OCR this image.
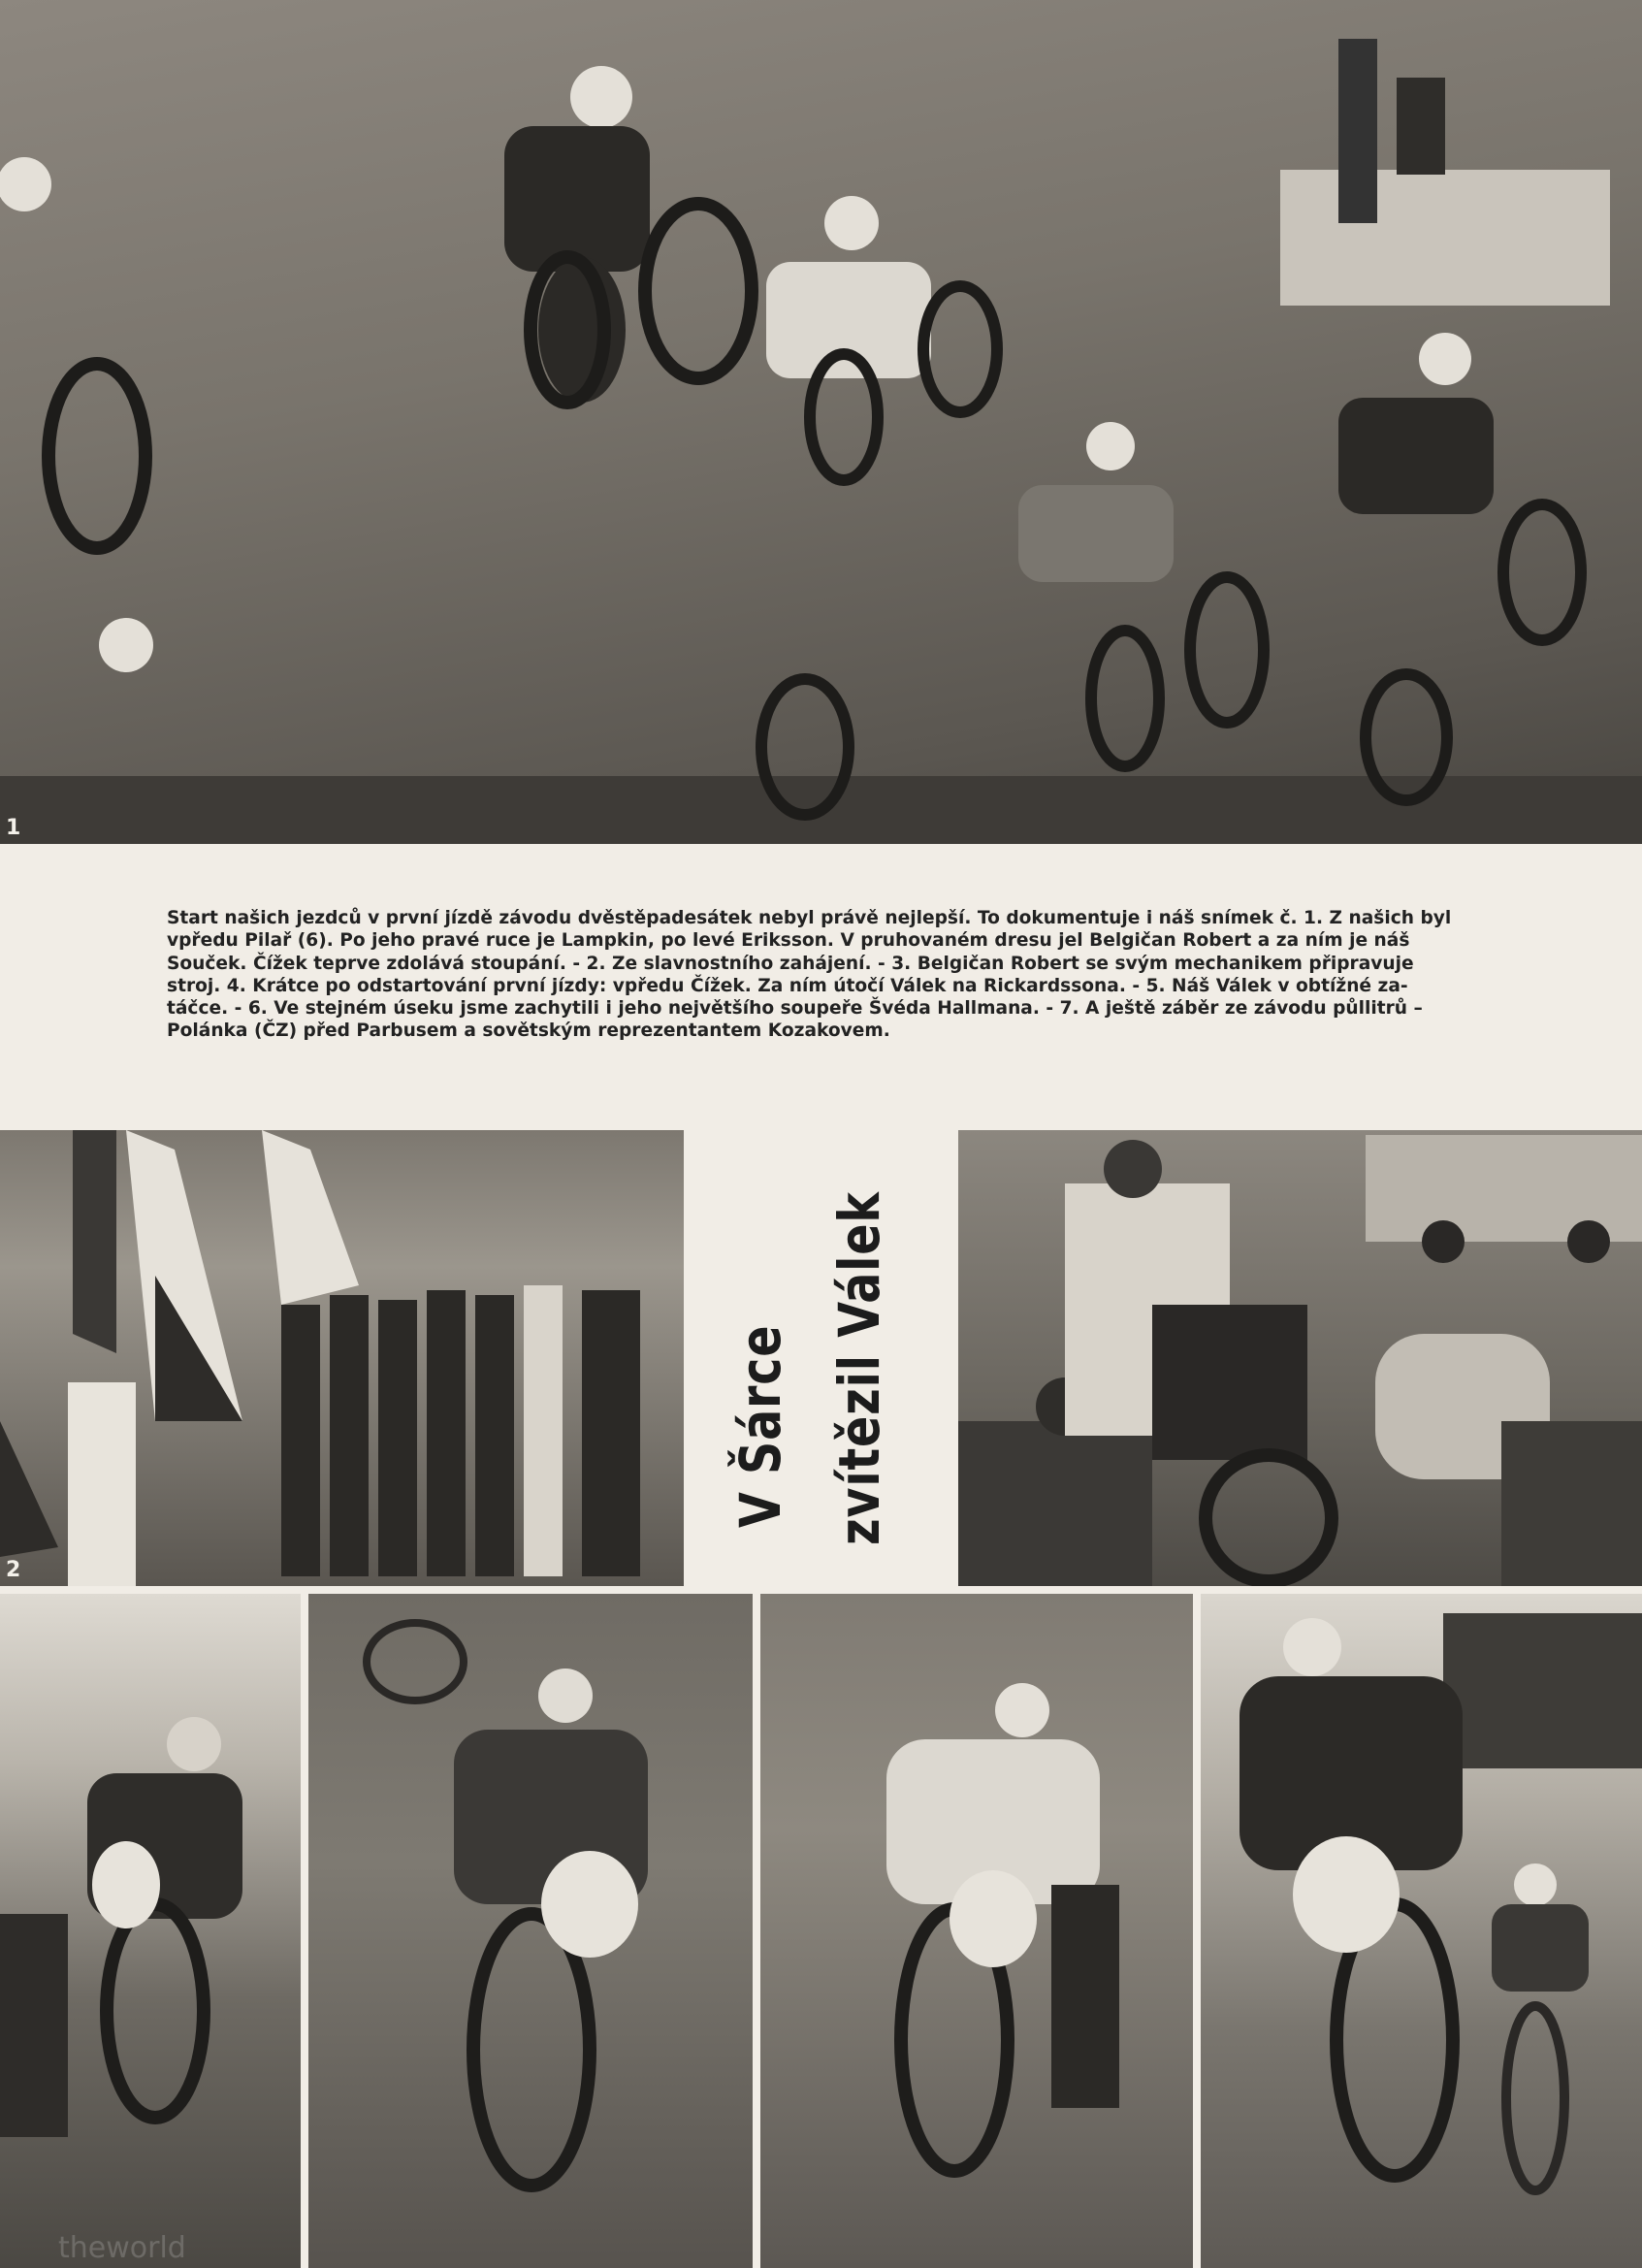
1
Start našich jezdců v první jízdě závodu dvěstěpadesátek nebyl právě nejlepší. To dokumentuje i náš snímek č. 1. Z našich byl
vpředu Pilař (6). Po jeho pravé ruce je Lampkin, po levé Eriksson. V pruhovaném dresu jel Belgičan Robert a za ním je náš
Souček. Čížek teprve zdolává stoupání. - 2. Ze slavnostního zahájení. - 3. Belgičan Robert se svým mechanikem připravuje
stroj. 4. Krátce po odstartování první jízdy: vpředu Čížek. Za ním útočí Válek na Rickardssona. - 5. Náš Válek v obtížné za-
táčce. - 6. Ve stejném úseku jsme zachytili i jeho největšího soupeře Švéda Hallmana. - 7. A ještě záběr ze závodu půllitrů –
Polánka (ČZ) před Parbusem a sovětským reprezentantem Kozakovem.
2
V Šárce zvítězil Válek
theworld
